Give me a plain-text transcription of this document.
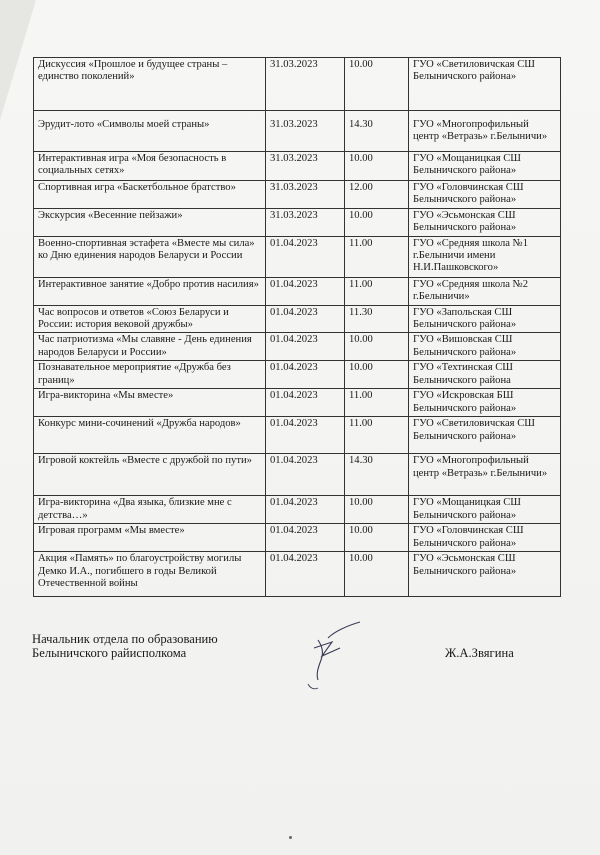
Дискуссия «Прошлое и будущее страны – единство поколений»	31.03.2023	10.00	ГУО «Светиловичская СШ Белыничского района»
Эрудит-лото «Символы моей страны»	31.03.2023	14.30	ГУО «Многопрофильный центр «Ветразь» г.Белыничи»
Интерактивная игра «Моя безопасность в социальных сетях»	31.03.2023	10.00	ГУО «Мощаницкая СШ Белыничского района»
Спортивная игра «Баскетбольное братство»	31.03.2023	12.00	ГУО «Головчинская СШ Белыничского района»
Экскурсия «Весенние пейзажи»	31.03.2023	10.00	ГУО «Эсьмонская СШ Белыничского района»
Военно-спортивная эстафета «Вместе мы сила» ко Дню единения народов Беларуси и России	01.04.2023	11.00	ГУО «Средняя школа №1 г.Белыничи имени Н.И.Пашковского»
Интерактивное занятие «Добро против насилия»	01.04.2023	11.00	ГУО «Средняя школа №2 г.Белыничи»
Час вопросов и ответов «Союз Беларуси и России: история вековой дружбы»	01.04.2023	11.30	ГУО «Запольская СШ Белыничского района»
Час патриотизма «Мы славяне - День единения народов Беларуси и России»	01.04.2023	10.00	ГУО «Вишовская СШ Белыничского района»
Познавательное мероприятие «Дружба без границ»	01.04.2023	10.00	ГУО «Техтинская СШ Белыничского района
Игра-викторина «Мы вместе»	01.04.2023	11.00	ГУО «Искровская БШ Белыничского района»
Конкурс мини-сочинений «Дружба народов»	01.04.2023	11.00	ГУО «Светиловичская СШ Белыничского района»
Игровой коктейль «Вместе с дружбой по пути»	01.04.2023	14.30	ГУО «Многопрофильный центр «Ветразь» г.Белыничи»
Игра-викторина «Два языка, близкие мне с детства…»	01.04.2023	10.00	ГУО «Мощаницкая СШ Белыничского района»
Игровая программ «Мы вместе»	01.04.2023	10.00	ГУО «Головчинская СШ Белыничского района»
Акция «Память» по благоустройству могилы Демко И.А., погибшего в годы Великой Отечественной войны	01.04.2023	10.00	ГУО «Эсьмонская СШ Белыничского района»
Начальник отдела по образованию
Белыничского райисполкома	Ж.А.Звягина
